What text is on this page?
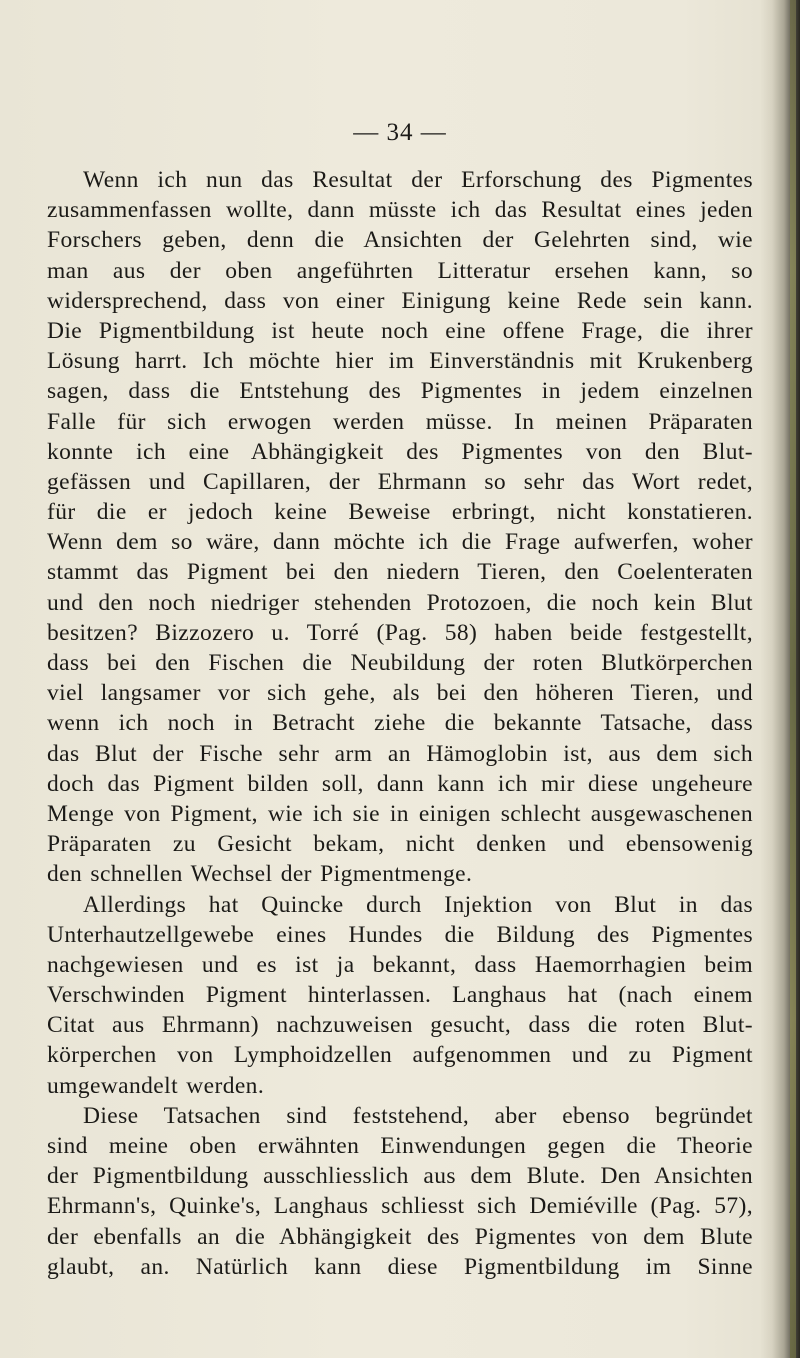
— 34 —
Wenn ich nun das Resultat der Erforschung des Pigmentes
zusammenfassen wollte, dann müsste ich das Resultat eines jeden
Forschers geben, denn die Ansichten der Gelehrten sind, wie
man aus der oben angeführten Litteratur ersehen kann, so
widersprechend, dass von einer Einigung keine Rede sein kann.
Die Pigmentbildung ist heute noch eine offene Frage, die ihrer
Lösung harrt. Ich möchte hier im Einverständnis mit Krukenberg
sagen, dass die Entstehung des Pigmentes in jedem einzelnen
Falle für sich erwogen werden müsse. In meinen Präparaten
konnte ich eine Abhängigkeit des Pigmentes von den Blut-
gefässen und Capillaren, der Ehrmann so sehr das Wort redet,
für die er jedoch keine Beweise erbringt, nicht konstatieren.
Wenn dem so wäre, dann möchte ich die Frage aufwerfen, woher
stammt das Pigment bei den niedern Tieren, den Coelenteraten
und den noch niedriger stehenden Protozoen, die noch kein Blut
besitzen? Bizzozero u. Torré (Pag. 58) haben beide festgestellt,
dass bei den Fischen die Neubildung der roten Blutkörperchen
viel langsamer vor sich gehe, als bei den höheren Tieren, und
wenn ich noch in Betracht ziehe die bekannte Tatsache, dass
das Blut der Fische sehr arm an Hämoglobin ist, aus dem sich
doch das Pigment bilden soll, dann kann ich mir diese ungeheure
Menge von Pigment, wie ich sie in einigen schlecht ausgewaschenen
Präparaten zu Gesicht bekam, nicht denken und ebensowenig
den schnellen Wechsel der Pigmentmenge.
Allerdings hat Quincke durch Injektion von Blut in das
Unterhautzellgewebe eines Hundes die Bildung des Pigmentes
nachgewiesen und es ist ja bekannt, dass Haemorrhagien beim
Verschwinden Pigment hinterlassen. Langhaus hat (nach einem
Citat aus Ehrmann) nachzuweisen gesucht, dass die roten Blut-
körperchen von Lymphoidzellen aufgenommen und zu Pigment
umgewandelt werden.
Diese Tatsachen sind feststehend, aber ebenso begründet
sind meine oben erwähnten Einwendungen gegen die Theorie
der Pigmentbildung ausschliesslich aus dem Blute. Den Ansichten
Ehrmann's, Quinke's, Langhaus schliesst sich Demiéville (Pag. 57),
der ebenfalls an die Abhängigkeit des Pigmentes von dem Blute
glaubt, an. Natürlich kann diese Pigmentbildung im Sinne
